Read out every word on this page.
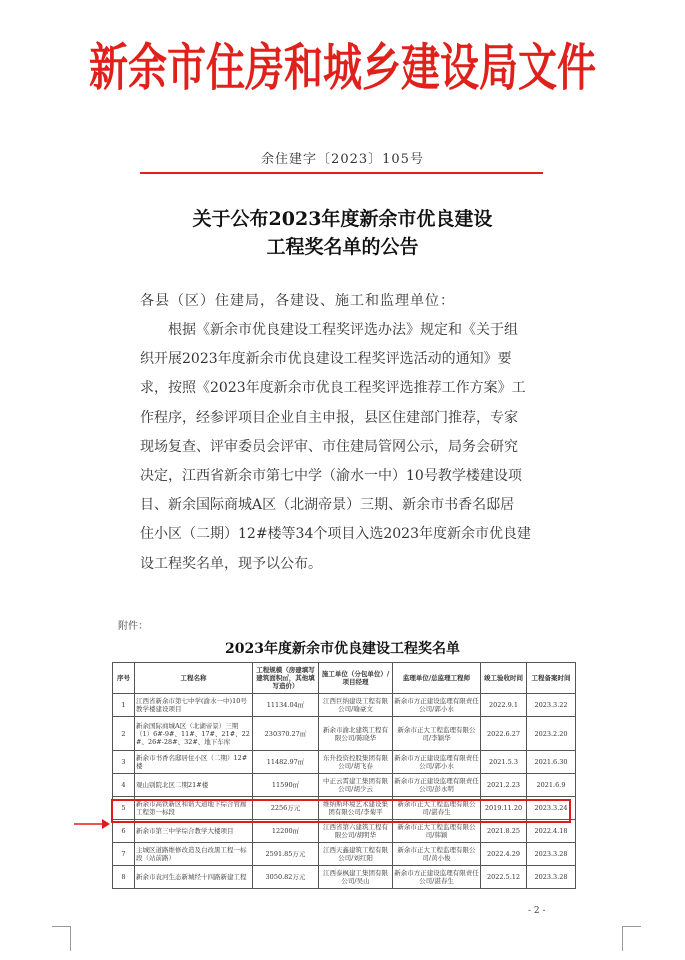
新余市住房和城乡建设局文件
余住建字〔2023〕105号
关于公布2023年度新余市优良建设
工程奖名单的公告
各县（区）住建局，各建设、施工和监理单位：
根据《新余市优良建设工程奖评选办法》规定和《关于组
织开展2023年度新余市优良建设工程奖评选活动的通知》要
求，按照《2023年度新余市优良工程奖评选推荐工作方案》工
作程序，经参评项目企业自主申报，县区住建部门推荐，专家
现场复查、评审委员会评审、市住建局管网公示，局务会研究
决定，江西省新余市第七中学（渝水一中）10号教学楼建设项
目、新余国际商城A区（北湖帝景）三期、新余市书香名邸居
住小区（二期）12#楼等34个项目入选2023年度新余市优良建
设工程奖名单，现予以公布。
附件：
2023年度新余市优良建设工程奖名单
序号	工程名称	工程规模（房建填写建筑面积㎡，其他填写造价）	施工单位（分包单位）/项目经理	监理单位/总监理工程师	竣工验收时间	工程备案时间
1	江西省新余市第七中学(渝水一中)10号教学楼建设项目	11134.04㎡	江西巨纳建设工程有限公司/喻豪文	新余市方正建设监理有限责任公司/郭小水	2022.9.1	2023.3.22
2	新余国际商城A区（北湖帝景）三期（1）6#-9#、11#、17#、21#、22#、26#-28#、32#、地下车库	230370.27㎡	新余市渝北建筑工程有限公司/陈晓华	新余市正大工程监理有限公司/李颖华	2022.6.27	2023.2.20
3	新余市书香名邸居住小区（二期）12#楼	11482.97㎡	东升投资控股集团有限公司/胡飞春	新余市方正建设监理有限责任公司/郭小水	2021.5.3	2021.6.30
4	观山别院北区二期21#楼	11590㎡	中正云霄建工集团有限公司/胡少云	新余市方正建设监理有限责任公司/彭永明	2021.2.23	2021.6.9
5	新余市高铁新区和谐大道地下综合管廊工程第一标段	2256万元	维纳斯环境艺术建设集团有限公司/李菊平	新余市正大工程监理有限公司/湛春生	2019.11.20	2023.3.24
6	新余市第三中学综合教学大楼项目	12200㎡	江西省第六建筑工程有限公司/胡明华	新余市正大工程监理有限公司/韩颖	2021.8.25	2022.4.18
7	主城区道路维修改造及白改黑工程一标段（站前路）	2591.85万元	江西天鑫建筑工程有限公司/刘红阳	新余市正大工程监理有限公司/黄小俊	2022.4.29	2023.3.28
8	新余市袁河生态新城经十四路新建工程	3050.82万元	江西泰枫建工集团有限公司/吴山	新余市方正建设监理有限责任公司/湛春生	2022.5.12	2023.3.28
- 2 -
